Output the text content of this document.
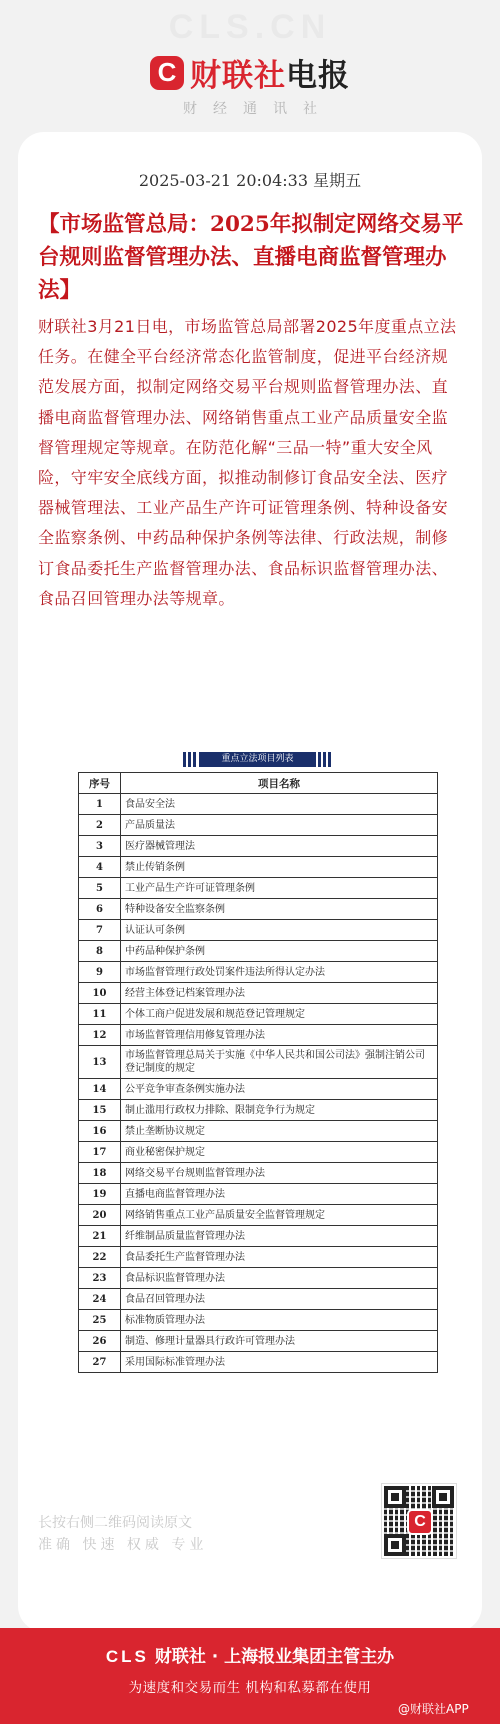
CLS.CN
C 财联社电报
财经通讯社
2025-03-21 20:04:33 星期五
【市场监管总局：2025年拟制定网络交易平台规则监督管理办法、直播电商监督管理办法】
财联社3月21日电，市场监管总局部署2025年度重点立法任务。在健全平台经济常态化监管制度，促进平台经济规范发展方面，拟制定网络交易平台规则监督管理办法、直播电商监督管理办法、网络销售重点工业产品质量安全监督管理规定等规章。在防范化解“三品一特”重大安全风险，守牢安全底线方面，拟推动制修订食品安全法、医疗器械管理法、工业产品生产许可证管理条例、特种设备安全监察条例、中药品种保护条例等法律、行政法规，制修订食品委托生产监督管理办法、食品标识监督管理办法、食品召回管理办法等规章。
重点立法项目列表
序号	项目名称
1	食品安全法
2	产品质量法
3	医疗器械管理法
4	禁止传销条例
5	工业产品生产许可证管理条例
6	特种设备安全监察条例
7	认证认可条例
8	中药品种保护条例
9	市场监督管理行政处罚案件违法所得认定办法
10	经营主体登记档案管理办法
11	个体工商户促进发展和规范登记管理规定
12	市场监督管理信用修复管理办法
13	市场监督管理总局关于实施《中华人民共和国公司法》强制注销公司登记制度的规定
14	公平竞争审查条例实施办法
15	制止滥用行政权力排除、限制竞争行为规定
16	禁止垄断协议规定
17	商业秘密保护规定
18	网络交易平台规则监督管理办法
19	直播电商监督管理办法
20	网络销售重点工业产品质量安全监督管理规定
21	纤维制品质量监督管理办法
22	食品委托生产监督管理办法
23	食品标识监督管理办法
24	食品召回管理办法
25	标准物质管理办法
26	制造、修理计量器具行政许可管理办法
27	采用国际标准管理办法
长按右侧二维码阅读原文
准确 快速 权威 专业
C
CLS 财联社 · 上海报业集团主管主办
为速度和交易而生 机构和私募都在使用
@财联社APP
